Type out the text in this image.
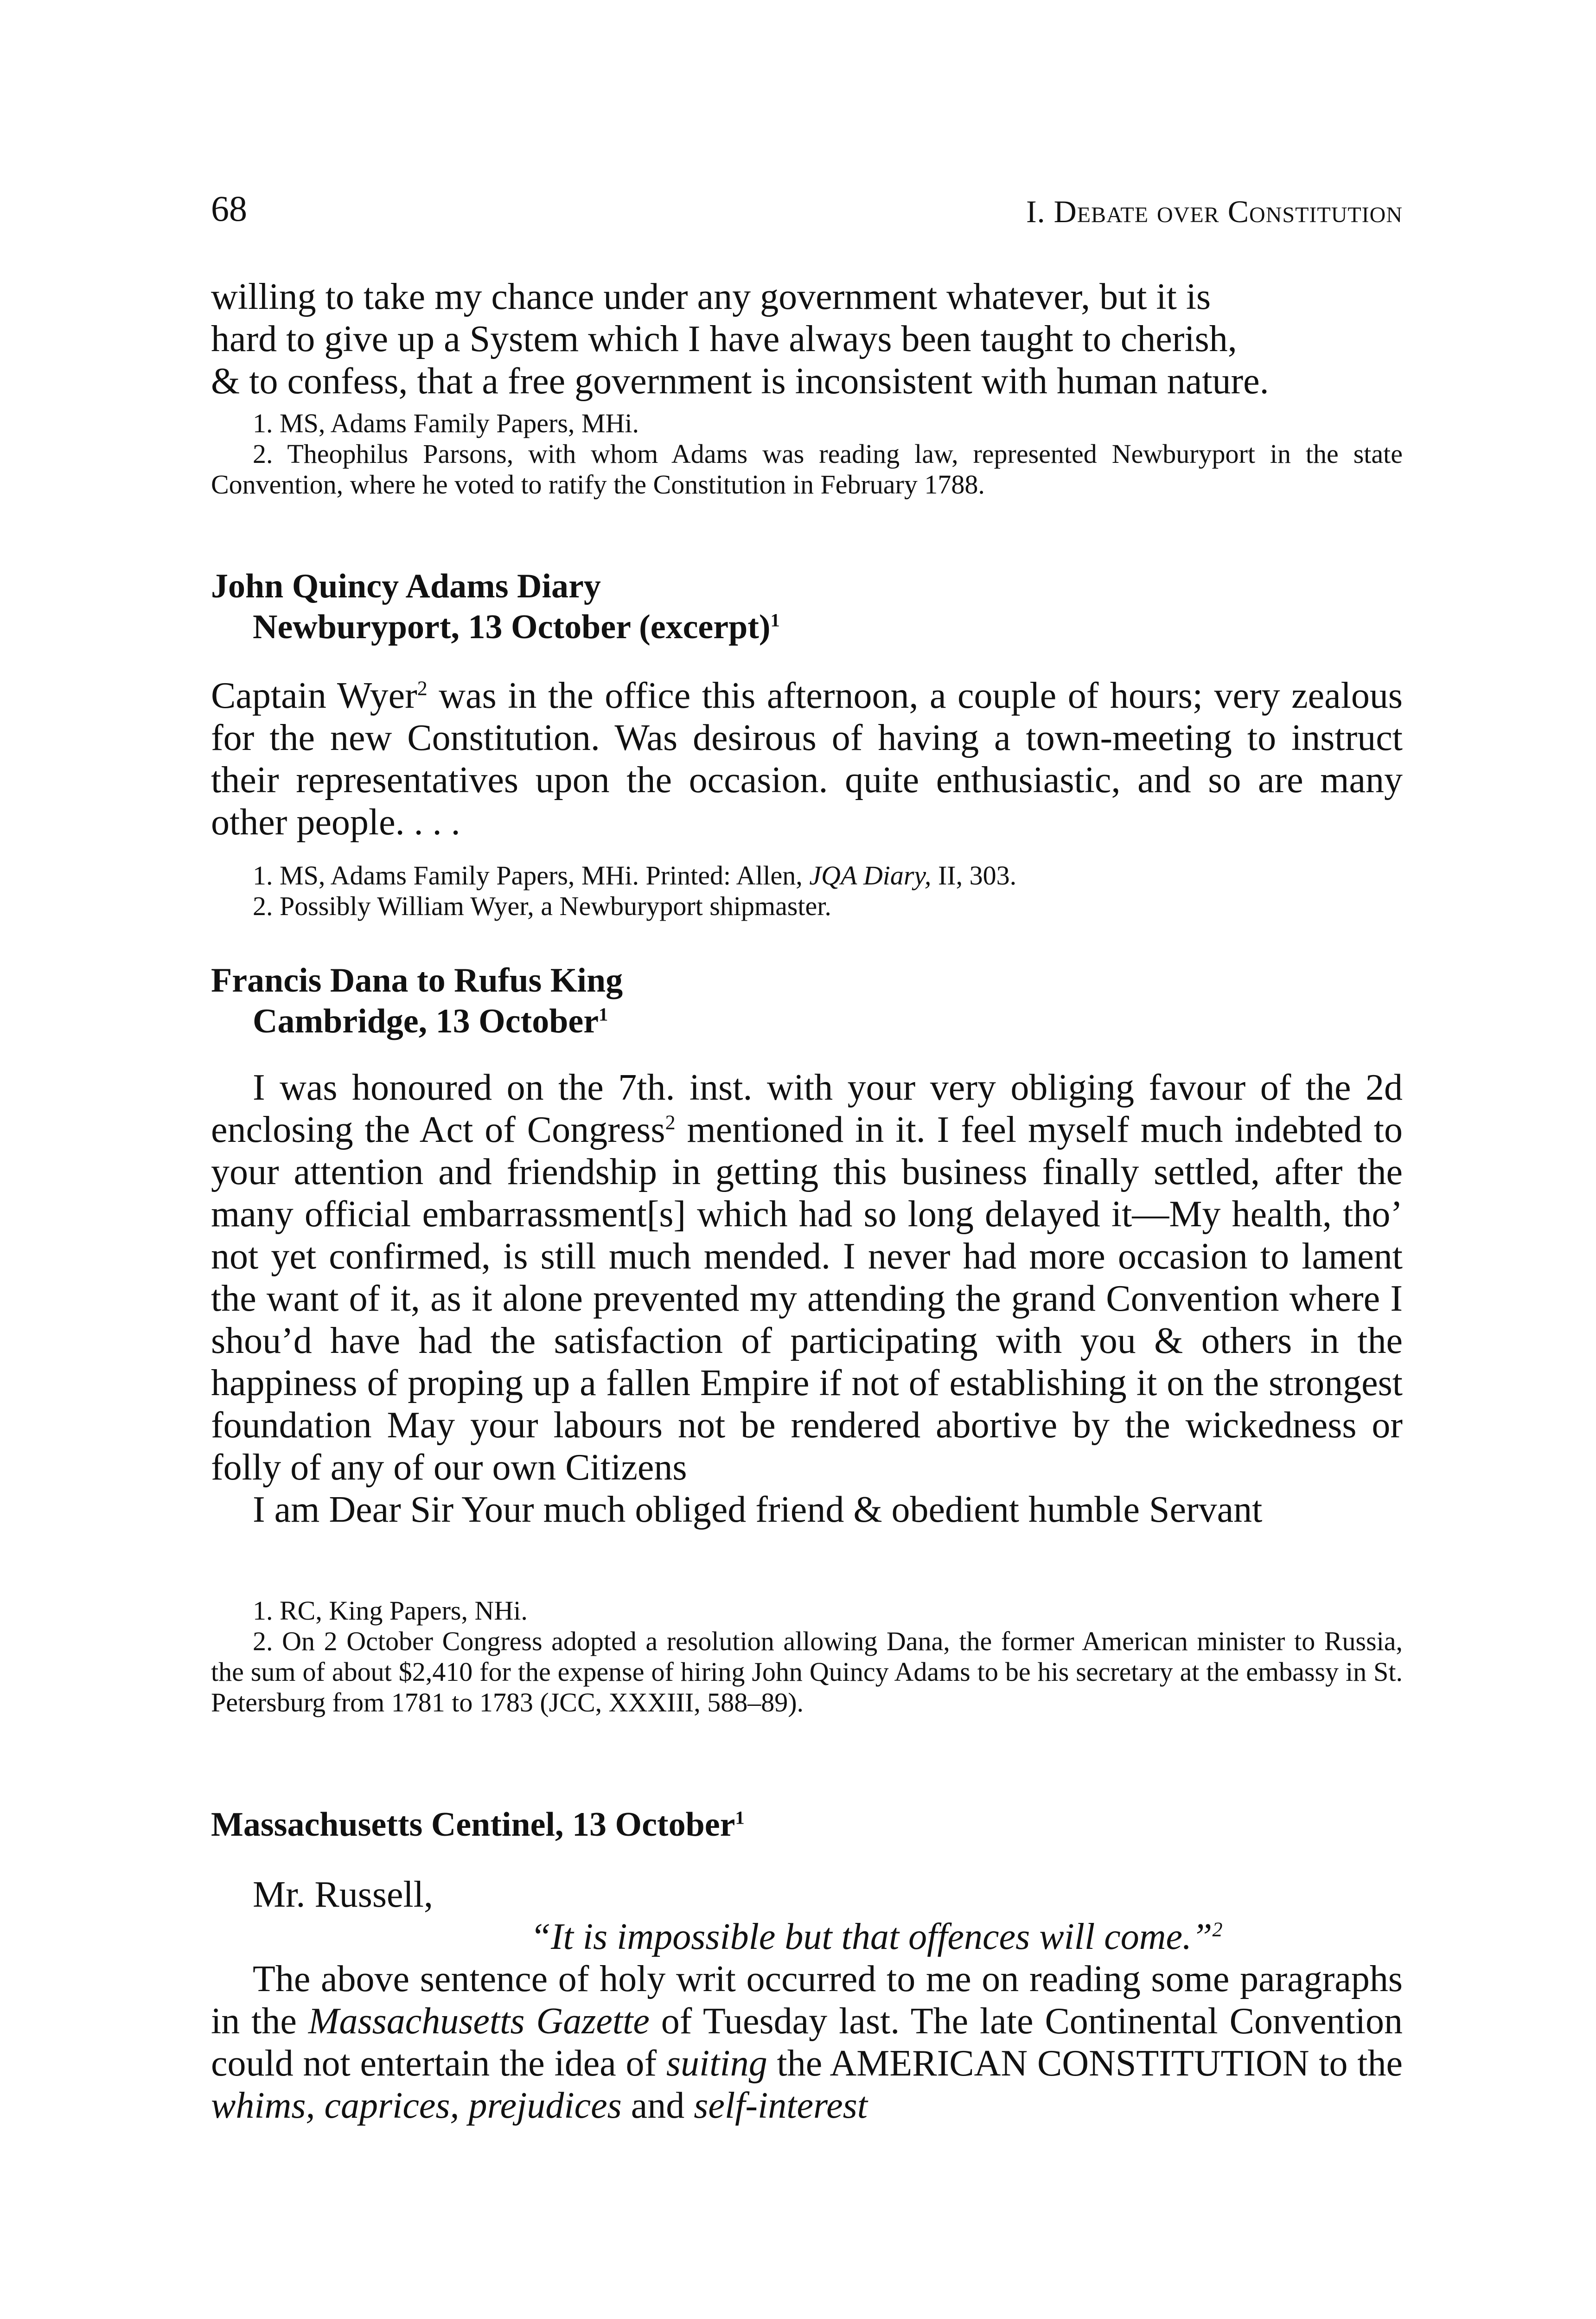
68	I. Debate over Constitution

willing to take my chance under any government whatever, but it is
hard to give up a System which I have always been taught to cherish,
& to confess, that a free government is inconsistent with human nature.

1. MS, Adams Family Papers, MHi.

2. Theophilus Parsons, with whom Adams was reading law, represented Newburyport in the state Convention, where he voted to ratify the Constitution in February 1788.

John Quincy Adams Diary
Newburyport, 13 October (excerpt)$^1$

Captain Wyer$^2$ was in the office this afternoon, a couple of hours; very zealous for the new Constitution. Was desirous of having a town-meeting to instruct their representatives upon the occasion. quite enthusiastic, and so are many other people. . . .

1. MS, Adams Family Papers, MHi. Printed: Allen, JQA Diary, II, 303.

2. Possibly William Wyer, a Newburyport shipmaster.

Francis Dana to Rufus King
Cambridge, 13 October$^1$

I was honoured on the 7th. inst. with your very obliging favour of the 2d enclosing the Act of Congress$^2$ mentioned in it. I feel myself much indebted to your attention and friendship in getting this business finally settled, after the many official embarrassment[s] which had so long delayed it—My health, tho’ not yet confirmed, is still much mended. I never had more occasion to lament the want of it, as it alone prevented my attending the grand Convention where I shou’d have had the satisfaction of participating with you & others in the happiness of proping up a fallen Empire if not of establishing it on the strongest foundation May your labours not be rendered abortive by the wickedness or folly of any of our own Citizens

I am Dear Sir Your much obliged friend & obedient humble Servant

1. RC, King Papers, NHi.

2. On 2 October Congress adopted a resolution allowing Dana, the former American minister to Russia, the sum of about $2,410 for the expense of hiring John Quincy Adams to be his secretary at the embassy in St. Petersburg from 1781 to 1783 (JCC, XXXIII, 588–89).

Massachusetts Centinel, 13 October$^1$

Mr. Russell,

“It is impossible but that offences will come.”$^2$

The above sentence of holy writ occurred to me on reading some paragraphs in the Massachusetts Gazette of Tuesday last. The late Continental Convention could not entertain the idea of suiting the AMERICAN CONSTITUTION to the whims, caprices, prejudices and self-interest
